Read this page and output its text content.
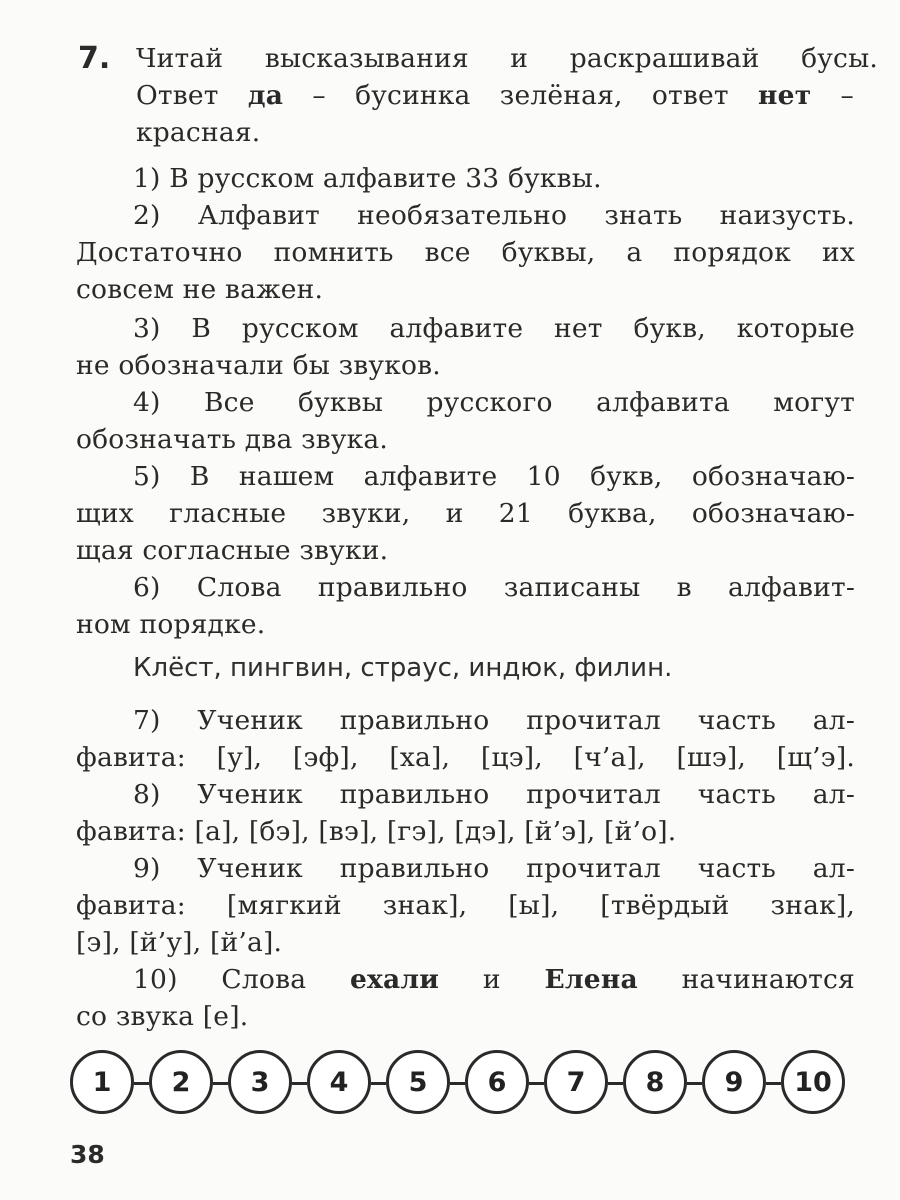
7. Читай высказывания и раскрашивай бусы.
Ответ да – бусинка зелёная, ответ нет –
красная.
1) В русском алфавите 33 буквы.
2) Алфавит необязательно знать наизусть.
Достаточно помнить все буквы, а порядок их
совсем не важен.
3) В русском алфавите нет букв, которые
не обозначали бы звуков.
4) Все буквы русского алфавита могут
обозначать два звука.
5) В нашем алфавите 10 букв, обозначаю-
щих гласные звуки, и 21 буква, обозначаю-
щая согласные звуки.
6) Слова правильно записаны в алфавит-
ном порядке.
Клёст, пингвин, страус, индюк, филин.
7) Ученик правильно прочитал часть ал-
фавита: [у], [эф], [ха], [цэ], [ч’а], [шэ], [щ’э].
8) Ученик правильно прочитал часть ал-
фавита: [а], [бэ], [вэ], [гэ], [дэ], [й’э], [й’о].
9) Ученик правильно прочитал часть ал-
фавита: [мягкий знак], [ы], [твёрдый знак],
[э], [й’у], [й’а].
10) Слова ехали и Елена начинаются
со звука [е].
1	2	3	4	5	6	7	8	9	10
38
